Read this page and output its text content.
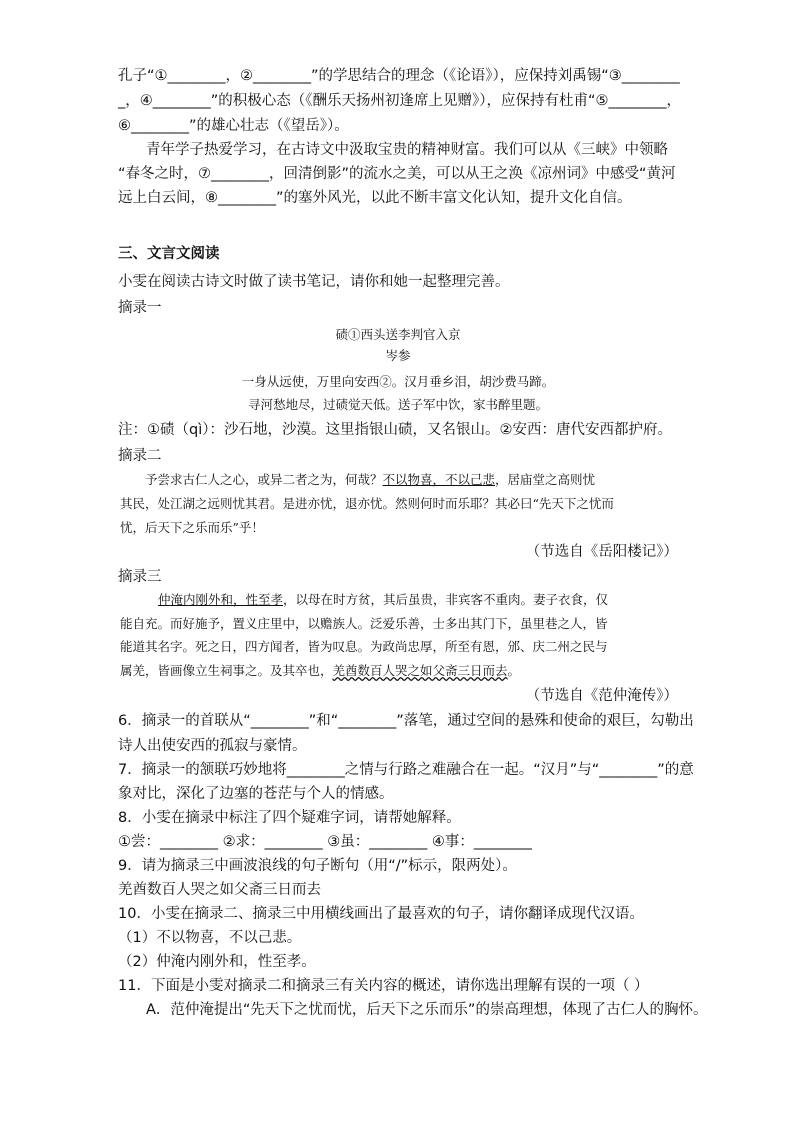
孔子“①________，②________”的学思结合的理念（《论语》），应保持刘禹锡“③________
_，④________”的积极心态（《酬乐天扬州初逢席上见赠》），应保持有杜甫“⑤________，
⑥________”的雄心壮志（《望岳》）。
青年学子热爱学习，在古诗文中汲取宝贵的精神财富。我们可以从《三峡》中领略
“春冬之时，⑦________，回清倒影”的流水之美，可以从王之涣《凉州词》中感受“黄河
远上白云间，⑧________”的塞外风光，以此不断丰富文化认知，提升文化自信。
三、文言文阅读
小雯在阅读古诗文时做了读书笔记，请你和她一起整理完善。
摘录一
碛①西头送李判官入京
岑参
一身从远使，万里向安西②。汉月垂乡泪，胡沙费马蹄。
寻河愁地尽，过碛觉天低。送子军中饮，家书醉里题。
注：①碛（qì）：沙石地，沙漠。这里指银山碛，又名银山。②安西：唐代安西都护府。
摘录二
予尝求古仁人之心，或异二者之为，何哉？不以物喜，不以己悲，居庙堂之高则忧
其民，处江湖之远则忧其君。是进亦忧，退亦忧。然则何时而乐耶？其必曰“先天下之忧而
忧，后天下之乐而乐”乎！
（节选自《岳阳楼记》）
摘录三
仲淹内刚外和，性至孝，以母在时方贫，其后虽贵，非宾客不重肉。妻子衣食，仅
能自充。而好施予，置义庄里中，以赡族人。泛爱乐善，士多出其门下，虽里巷之人，皆
能道其名字。死之日，四方闻者，皆为叹息。为政尚忠厚，所至有恩，邠、庆二州之民与
属羌，皆画像立生祠事之。及其卒也，羌酋数百人哭之如父斋三日而去。
（节选自《范仲淹传》）
6．摘录一的首联从“________”和“________”落笔，通过空间的悬殊和使命的艰巨，勾勒出
诗人出使安西的孤寂与豪情。
7．摘录一的颔联巧妙地将________之情与行路之难融合在一起。“汉月”与“________”的意
象对比，深化了边塞的苍茫与个人的情感。
8．小雯在摘录中标注了四个疑难字词，请帮她解释。
①尝：________ ②求：________ ③虽：________ ④事：________
9．请为摘录三中画波浪线的句子断句（用“/”标示，限两处）。
羌酋数百人哭之如父斋三日而去
10．小雯在摘录二、摘录三中用横线画出了最喜欢的句子，请你翻译成现代汉语。
（1）不以物喜，不以己悲。
（2）仲淹内刚外和，性至孝。
11．下面是小雯对摘录二和摘录三有关内容的概述，请你选出理解有误的一项（ ）
A．范仲淹提出“先天下之忧而忧，后天下之乐而乐”的崇高理想，体现了古仁人的胸怀。
